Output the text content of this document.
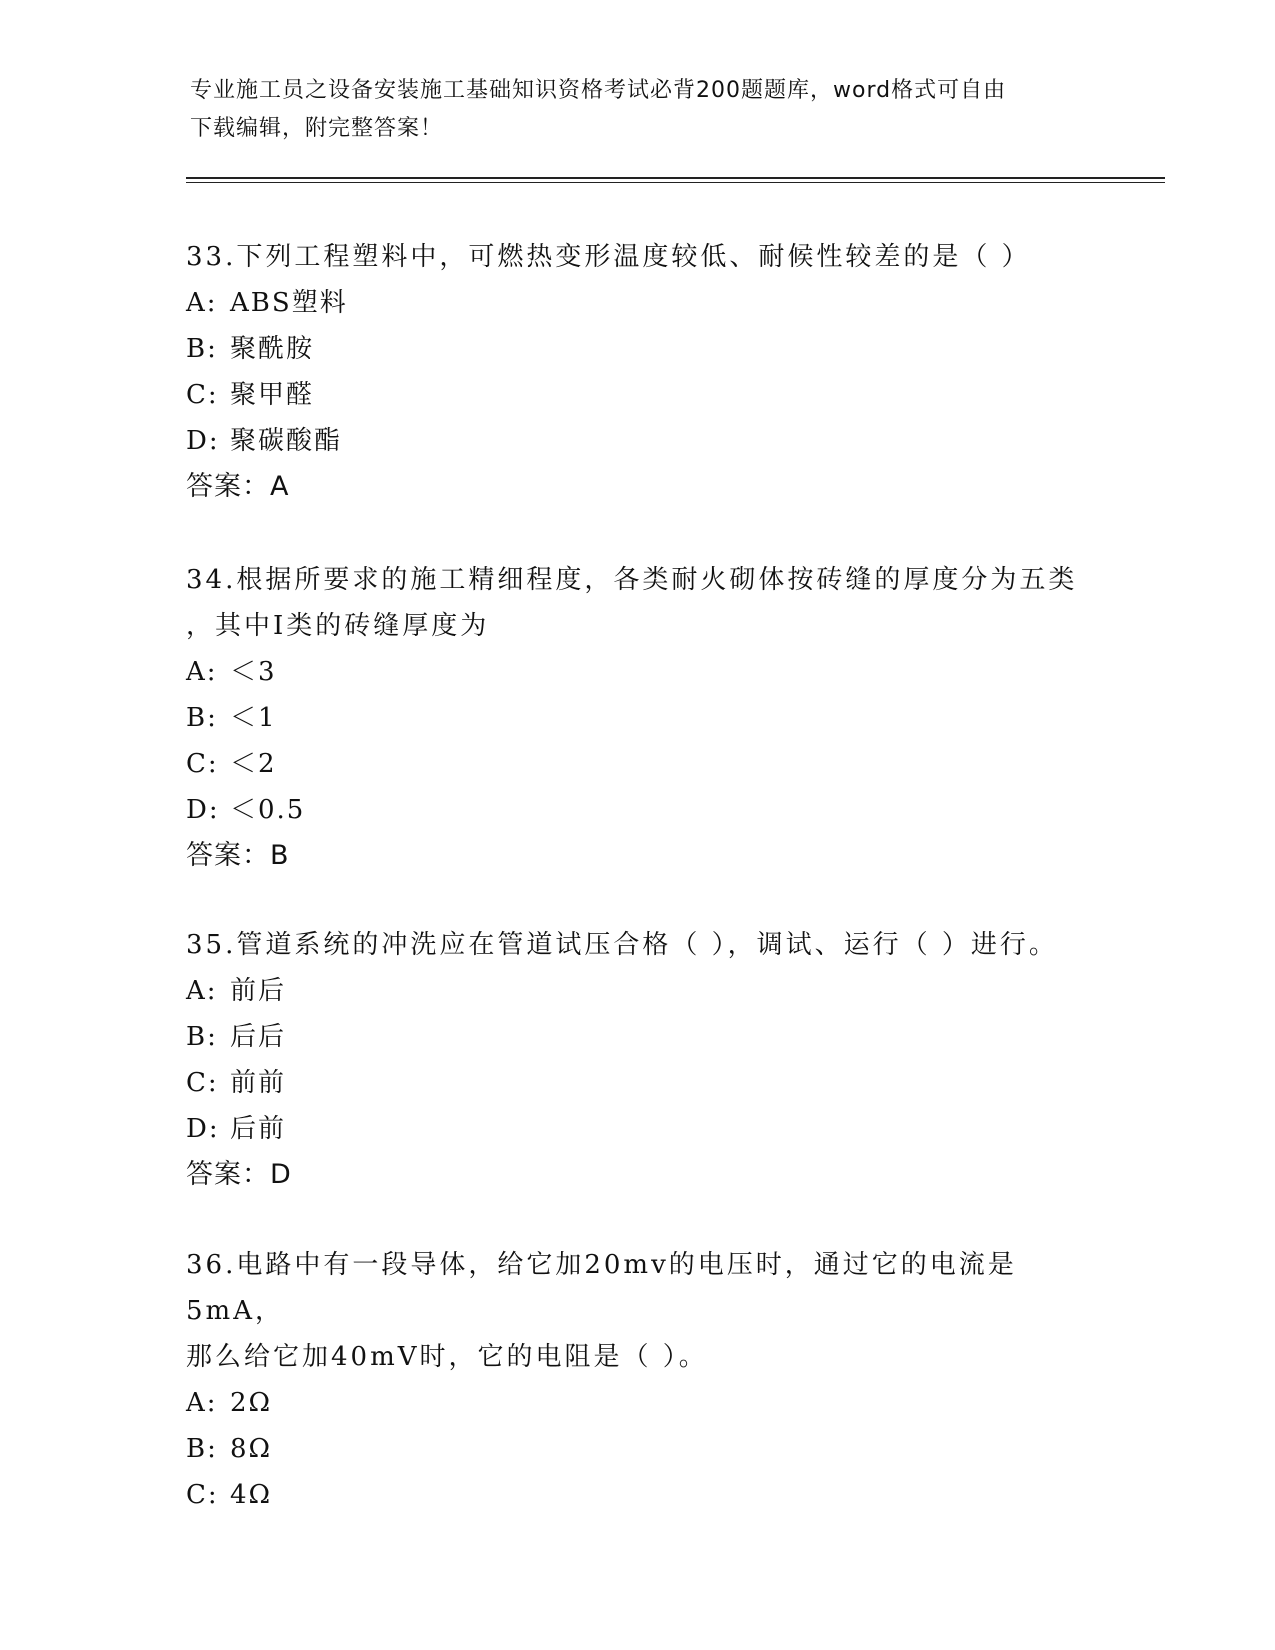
专业施工员之设备安装施工基础知识资格考试必背200题题库，word格式可自由
下载编辑，附完整答案！

33.下列工程塑料中，可燃热变形温度较低、耐候性较差的是（ ）

A: ABS塑料

B: 聚酰胺

C: 聚甲醛

D: 聚碳酸酯

答案：A

34.根据所要求的施工精细程度，各类耐火砌体按砖缝的厚度分为五类

，其中Ⅰ类的砖缝厚度为

A: ＜3

B: ＜1

C: ＜2

D: ＜0.5

答案：B

35.管道系统的冲洗应在管道试压合格（ ），调试、运行（ ）进行。

A: 前后

B: 后后

C: 前前

D: 后前

答案：D

36.电路中有一段导体，给它加20mv的电压时，通过它的电流是5mA，

那么给它加40mV时，它的电阻是（ ）。

A: 2Ω

B: 8Ω

C: 4Ω
